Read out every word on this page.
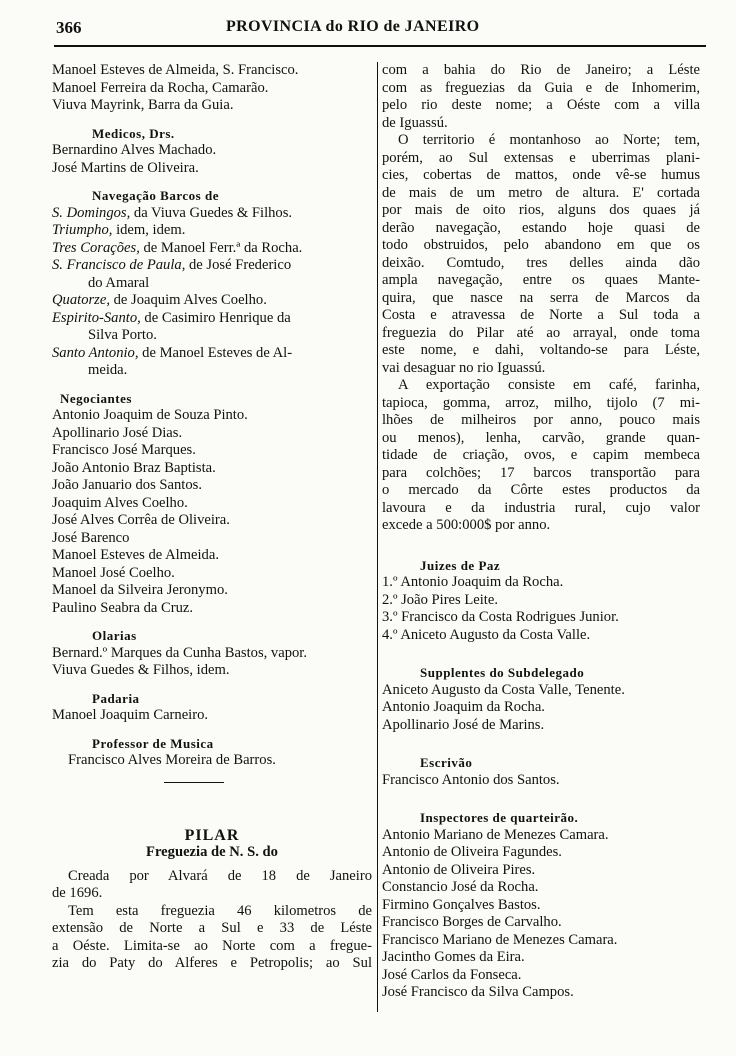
366	PROVINCIA do RIO de JANEIRO
Manoel Esteves de Almeida, S. Francisco.
Manoel Ferreira da Rocha, Camarão.
Viuva Mayrink, Barra da Guia.
Medicos, Drs.
Bernardino Alves Machado.
José Martins de Oliveira.
Navegação Barcos de
S. Domingos, da Viuva Guedes & Filhos.
Triumpho, idem, idem.
Tres Corações, de Manoel Ferr.ª da Rocha.
S. Francisco de Paula, de José Frederico
do Amaral
Quatorze, de Joaquim Alves Coelho.
Espirito-Santo, de Casimiro Henrique da
Silva Porto.
Santo Antonio, de Manoel Esteves de Al-
meida.
Negociantes
Antonio Joaquim de Souza Pinto.
Apollinario José Dias.
Francisco José Marques.
João Antonio Braz Baptista.
João Januario dos Santos.
Joaquim Alves Coelho.
José Alves Corrêa de Oliveira.
José Barenco
Manoel Esteves de Almeida.
Manoel José Coelho.
Manoel da Silveira Jeronymo.
Paulino Seabra da Cruz.
Olarias
Bernard.º Marques da Cunha Bastos, vapor.
Viuva Guedes & Filhos, idem.
Padaria
Manoel Joaquim Carneiro.
Professor de Musica
Francisco Alves Moreira de Barros.
PILAR
Freguezia de N. S. do
Creada por Alvará de 18 de Janeiro
de 1696.
Tem esta freguezia 46 kilometros de
extensão de Norte a Sul e 33 de Léste
a Oéste. Limita-se ao Norte com a fregue-
zia do Paty do Alferes e Petropolis; ao Sul
com a bahia do Rio de Janeiro; a Léste
com as freguezias da Guia e de Inhomerim,
pelo rio deste nome; a Oéste com a villa
de Iguassú.
O territorio é montanhoso ao Norte; tem,
porém, ao Sul extensas e uberrimas plani-
cies, cobertas de mattos, onde vê-se humus
de mais de um metro de altura. E' cortada
por mais de oito rios, alguns dos quaes já
derão navegação, estando hoje quasi de
todo obstruidos, pelo abandono em que os
deixão. Comtudo, tres delles ainda dão
ampla navegação, entre os quaes Mante-
quira, que nasce na serra de Marcos da
Costa e atravessa de Norte a Sul toda a
freguezia do Pilar até ao arrayal, onde toma
este nome, e dahi, voltando-se para Léste,
vai desaguar no rio Iguassú.
A exportação consiste em café, farinha,
tapioca, gomma, arroz, milho, tijolo (7 mi-
lhões de milheiros por anno, pouco mais
ou menos), lenha, carvão, grande quan-
tidade de criação, ovos, e capim membeca
para colchões; 17 barcos transportão para
o mercado da Côrte estes productos da
lavoura e da industria rural, cujo valor
excede a 500:000$ por anno.
Juizes de Paz
1.º Antonio Joaquim da Rocha.
2.º João Pires Leite.
3.º Francisco da Costa Rodrigues Junior.
4.º Aniceto Augusto da Costa Valle.
Supplentes do Subdelegado
Aniceto Augusto da Costa Valle, Tenente.
Antonio Joaquim da Rocha.
Apollinario José de Marins.
Escrivão
Francisco Antonio dos Santos.
Inspectores de quarteirão.
Antonio Mariano de Menezes Camara.
Antonio de Oliveira Fagundes.
Antonio de Oliveira Pires.
Constancio José da Rocha.
Firmino Gonçalves Bastos.
Francisco Borges de Carvalho.
Francisco Mariano de Menezes Camara.
Jacintho Gomes da Eira.
José Carlos da Fonseca.
José Francisco da Silva Campos.
